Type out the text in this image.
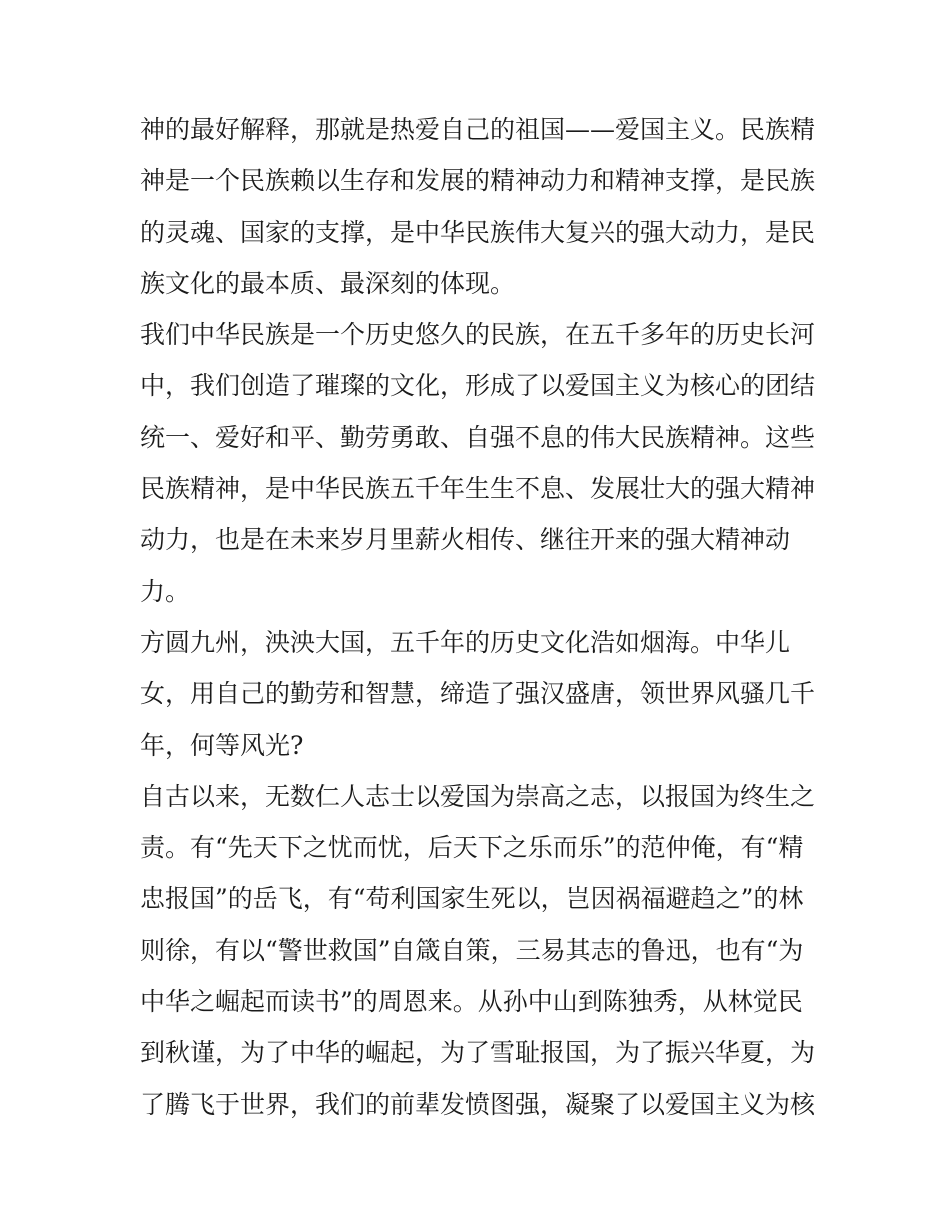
神的最好解释，那就是热爱自己的祖国——爱国主义。民族精
神是一个民族赖以生存和发展的精神动力和精神支撑，是民族
的灵魂、国家的支撑，是中华民族伟大复兴的强大动力，是民
族文化的最本质、最深刻的体现。
我们中华民族是一个历史悠久的民族，在五千多年的历史长河
中，我们创造了璀璨的文化，形成了以爱国主义为核心的团结
统一、爱好和平、勤劳勇敢、自强不息的伟大民族精神。这些
民族精神，是中华民族五千年生生不息、发展壮大的强大精神
动力，也是在未来岁月里薪火相传、继往开来的强大精神动
力。
方圆九州，泱泱大国，五千年的历史文化浩如烟海。中华儿
女，用自己的勤劳和智慧，缔造了强汉盛唐，领世界风骚几千
年，何等风光?
自古以来，无数仁人志士以爱国为崇高之志，以报国为终生之
责。有“先天下之忧而忧，后天下之乐而乐”的范仲俺，有“精
忠报国”的岳飞，有“苟利国家生死以，岂因祸福避趋之”的林
则徐，有以“警世救国”自箴自策，三易其志的鲁迅，也有“为
中华之崛起而读书”的周恩来。从孙中山到陈独秀，从林觉民
到秋谨，为了中华的崛起，为了雪耻报国，为了振兴华夏，为
了腾飞于世界，我们的前辈发愤图强，凝聚了以爱国主义为核
